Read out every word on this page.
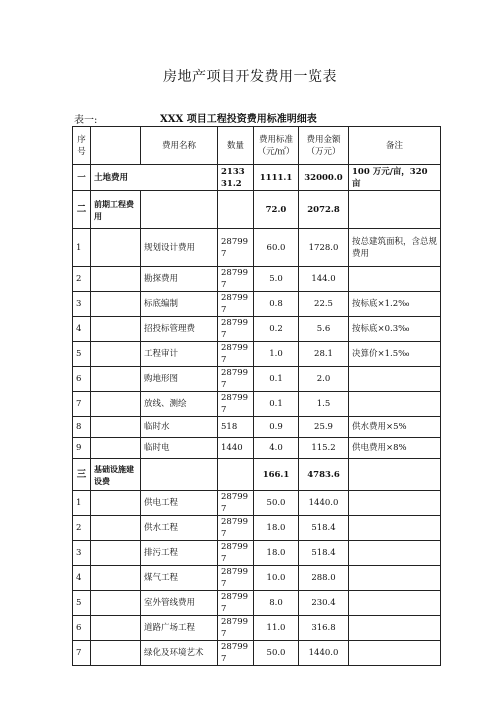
房地产项目开发费用一览表
表一:	XXX 项目工程投资费用标准明细表
序号		费用名称	数量	费用标准（元/㎡）	费用金额（万元）	备注
一	土地费用		213331.2	1111.1	32000.0	100 万元/亩，320 亩
二	前期工程费用			72.0	2072.8	
1		规划设计费用	287997	60.0	1728.0	按总建筑面积，含总规费用
2		勘探费用	287997	5.0	144.0	
3		标底编制	287997	0.8	22.5	按标底×1.2‰
4		招投标管理费	287997	0.2	5.6	按标底×0.3‰
5		工程审计	287997	1.0	28.1	决算价×1.5‰
6		购地形图	287997	0.1	2.0	
7		放线、测绘	287997	0.1	1.5	
8		临时水	518	0.9	25.9	供水费用×5%
9		临时电	1440	4.0	115.2	供电费用×8%
三	基础设施建设费			166.1	4783.6	
1		供电工程	287997	50.0	1440.0	
2		供水工程	287997	18.0	518.4	
3		排污工程	287997	18.0	518.4	
4		煤气工程	287997	10.0	288.0	
5		室外管线费用	287997	8.0	230.4	
6		道路广场工程	287997	11.0	316.8	
7		绿化及环境艺术	287997	50.0	1440.0	
